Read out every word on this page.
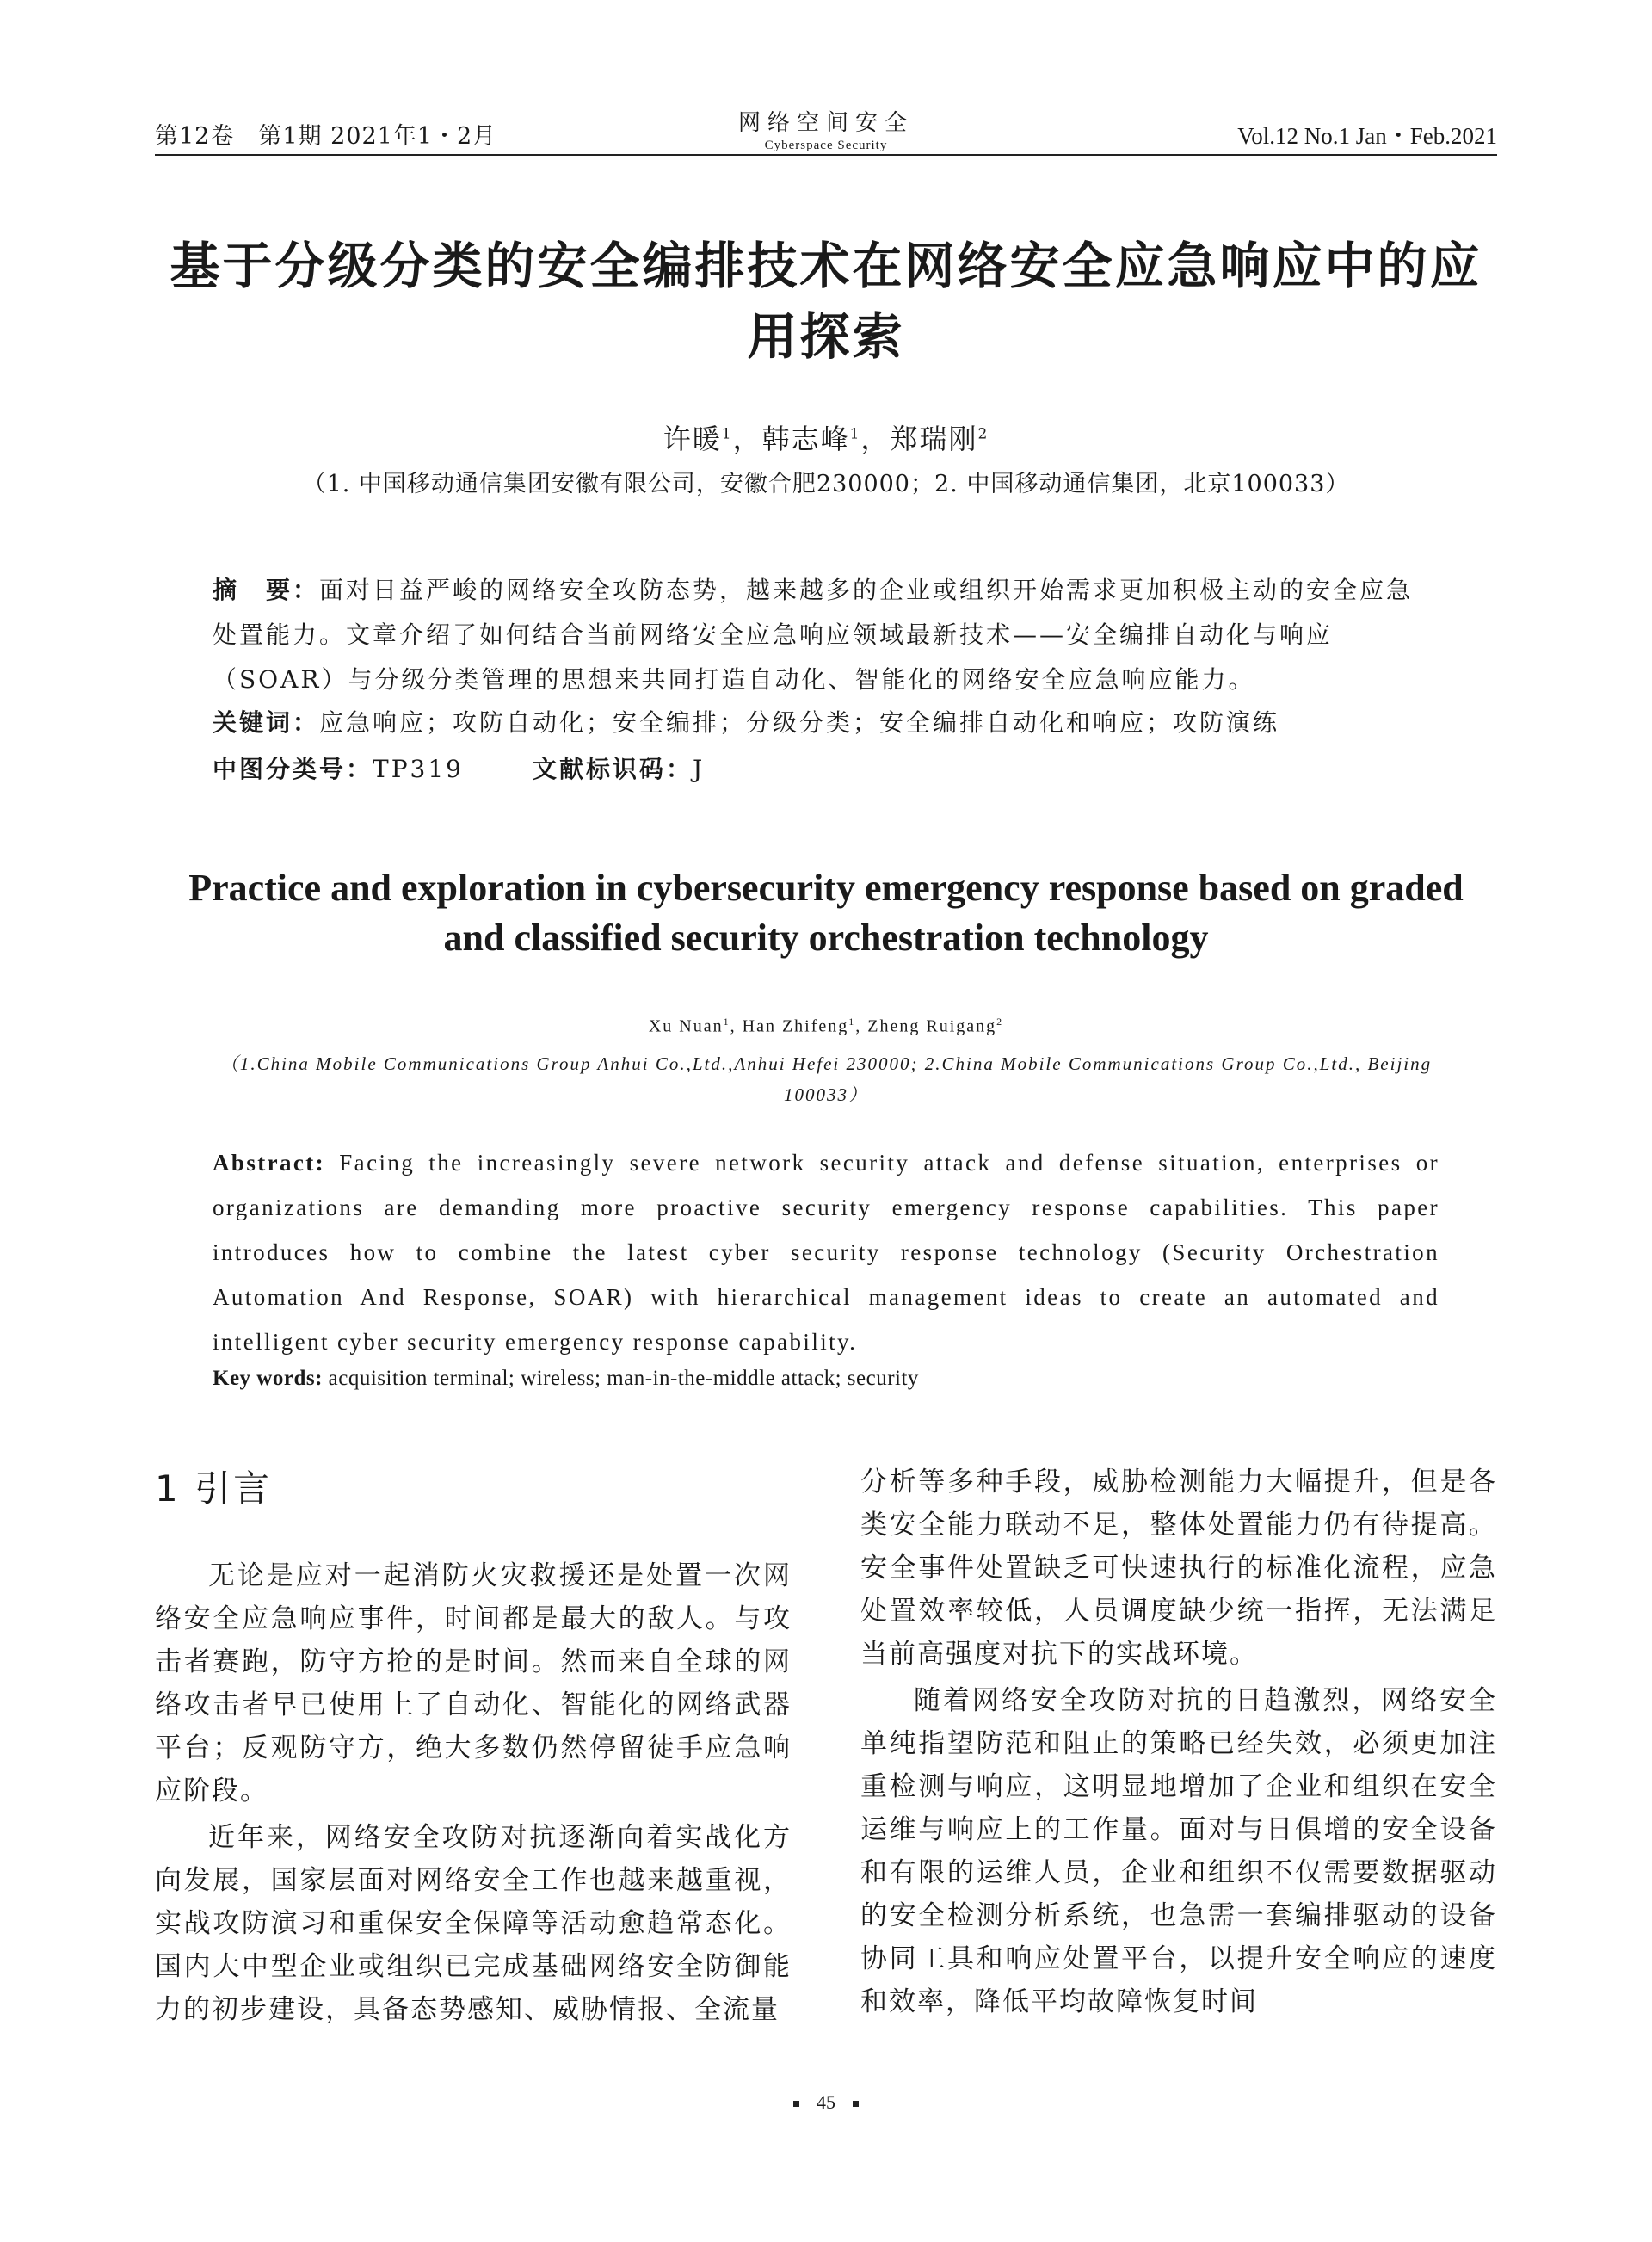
第12卷　第1期 2021年1・2月	网络空间安全
Cyberspace Security	Vol.12 No.1 Jan・Feb.2021
基于分级分类的安全编排技术在网络安全应急响应中的应用探索
许暖$^1$，韩志峰$^1$，郑瑞刚$^2$
（1. 中国移动通信集团安徽有限公司，安徽合肥230000；2. 中国移动通信集团，北京100033）
摘　要：面对日益严峻的网络安全攻防态势，越来越多的企业或组织开始需求更加积极主动的安全应急处置能力。文章介绍了如何结合当前网络安全应急响应领域最新技术——安全编排自动化与响应（SOAR）与分级分类管理的思想来共同打造自动化、智能化的网络安全应急响应能力。
关键词：应急响应；攻防自动化；安全编排；分级分类；安全编排自动化和响应；攻防演练
中图分类号：TP319	文献标识码：J
Practice and exploration in cybersecurity emergency response based on graded and classified security orchestration technology
Xu Nuan$^1$, Han Zhifeng$^1$, Zheng Ruigang$^2$
（1.China Mobile Communications Group Anhui Co.,Ltd.,Anhui Hefei 230000; 2.China Mobile Communications Group Co.,Ltd., Beijing 100033）
Abstract: Facing the increasingly severe network security attack and defense situation, enterprises or organizations are demanding more proactive security emergency response capabilities. This paper introduces how to combine the latest cyber security response technology (Security Orchestration Automation And Response, SOAR) with hierarchical management ideas to create an automated and intelligent cyber security emergency response capability.
Key words: acquisition terminal; wireless; man-in-the-middle attack; security
1 引言

无论是应对一起消防火灾救援还是处置一次网络安全应急响应事件，时间都是最大的敌人。与攻击者赛跑，防守方抢的是时间。然而来自全球的网络攻击者早已使用上了自动化、智能化的网络武器平台；反观防守方，绝大多数仍然停留徒手应急响应阶段。

近年来，网络安全攻防对抗逐渐向着实战化方向发展，国家层面对网络安全工作也越来越重视，实战攻防演习和重保安全保障等活动愈趋常态化。国内大中型企业或组织已完成基础网络安全防御能力的初步建设，具备态势感知、威胁情报、全流量

分析等多种手段，威胁检测能力大幅提升，但是各类安全能力联动不足，整体处置能力仍有待提高。安全事件处置缺乏可快速执行的标准化流程，应急处置效率较低，人员调度缺少统一指挥，无法满足当前高强度对抗下的实战环境。

随着网络安全攻防对抗的日趋激烈，网络安全单纯指望防范和阻止的策略已经失效，必须更加注重检测与响应，这明显地增加了企业和组织在安全运维与响应上的工作量。面对与日俱增的安全设备和有限的运维人员，企业和组织不仅需要数据驱动的安全检测分析系统，也急需一套编排驱动的设备协同工具和响应处置平台，以提升安全响应的速度和效率，降低平均故障恢复时间

45
